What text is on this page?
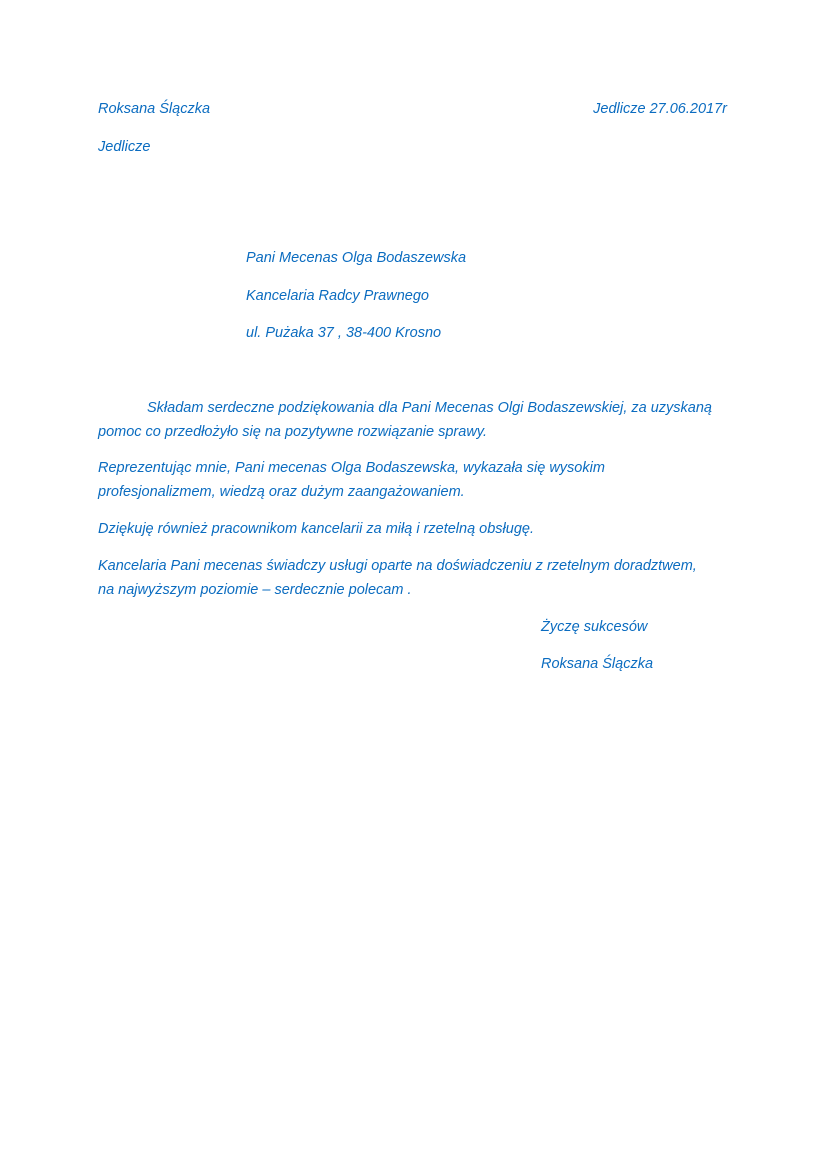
Roksana Ślączka

Jedlicze

Jedlicze 27.06.2017r

Pani Mecenas Olga Bodaszewska

Kancelaria Radcy Prawnego

ul. Pużaka 37 , 38-400 Krosno

Składam serdeczne podziękowania dla Pani Mecenas Olgi Bodaszewskiej, za uzyskaną
pomoc co przedłożyło się na pozytywne rozwiązanie sprawy.
Reprezentując mnie, Pani mecenas Olga Bodaszewska, wykazała się wysokim
profesjonalizmem, wiedzą oraz dużym zaangażowaniem.
Dziękuję również pracownikom kancelarii za miłą i rzetelną obsługę.
Kancelaria Pani mecenas świadczy usługi oparte na doświadczeniu z rzetelnym doradztwem,
na najwyższym poziomie – serdecznie polecam .

Życzę sukcesów

Roksana Ślączka
